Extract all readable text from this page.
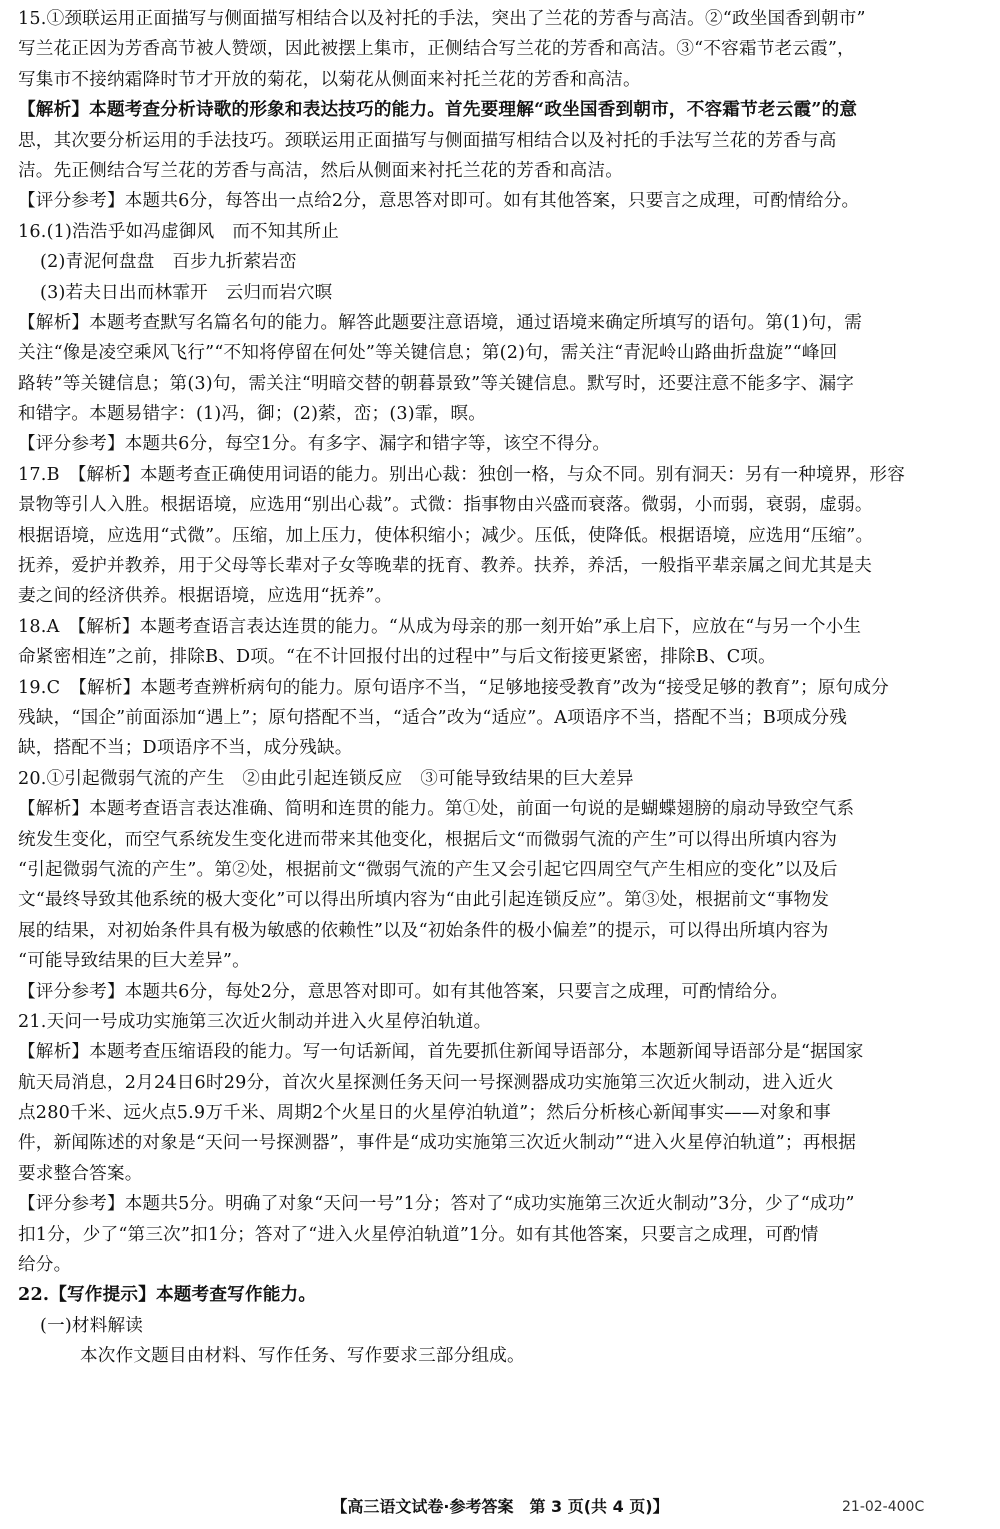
15.①颈联运用正面描写与侧面描写相结合以及衬托的手法，突出了兰花的芳香与高洁。②“政坐国香到朝市”
写兰花正因为芳香高节被人赞颂，因此被摆上集市，正侧结合写兰花的芳香和高洁。③“不容霜节老云霞”，
写集市不接纳霜降时节才开放的菊花，以菊花从侧面来衬托兰花的芳香和高洁。
【解析】本题考查分析诗歌的形象和表达技巧的能力。首先要理解“政坐国香到朝市，不容霜节老云霞”的意
思，其次要分析运用的手法技巧。颈联运用正面描写与侧面描写相结合以及衬托的手法写兰花的芳香与高
洁。先正侧结合写兰花的芳香与高洁，然后从侧面来衬托兰花的芳香和高洁。
【评分参考】本题共6分，每答出一点给2分，意思答对即可。如有其他答案，只要言之成理，可酌情给分。
16.(1)浩浩乎如冯虚御风　而不知其所止
(2)青泥何盘盘　百步九折萦岩峦
(3)若夫日出而林霏开　云归而岩穴暝
【解析】本题考查默写名篇名句的能力。解答此题要注意语境，通过语境来确定所填写的语句。第(1)句，需
关注“像是凌空乘风飞行”“不知将停留在何处”等关键信息；第(2)句，需关注“青泥岭山路曲折盘旋”“峰回
路转”等关键信息；第(3)句，需关注“明暗交替的朝暮景致”等关键信息。默写时，还要注意不能多字、漏字
和错字。本题易错字：(1)冯，御；(2)萦，峦；(3)霏，暝。
【评分参考】本题共6分，每空1分。有多字、漏字和错字等，该空不得分。
17.B　【解析】本题考查正确使用词语的能力。别出心裁：独创一格，与众不同。别有洞天：另有一种境界，形容
景物等引人入胜。根据语境，应选用“别出心裁”。式微：指事物由兴盛而衰落。微弱，小而弱，衰弱，虚弱。
根据语境，应选用“式微”。压缩，加上压力，使体积缩小；减少。压低，使降低。根据语境，应选用“压缩”。
抚养，爱护并教养，用于父母等长辈对子女等晚辈的抚育、教养。扶养，养活，一般指平辈亲属之间尤其是夫
妻之间的经济供养。根据语境，应选用“抚养”。
18.A　【解析】本题考查语言表达连贯的能力。“从成为母亲的那一刻开始”承上启下，应放在“与另一个小生
命紧密相连”之前，排除B、D项。“在不计回报付出的过程中”与后文衔接更紧密，排除B、C项。
19.C　【解析】本题考查辨析病句的能力。原句语序不当，“足够地接受教育”改为“接受足够的教育”；原句成分
残缺，“国企”前面添加“遇上”；原句搭配不当，“适合”改为“适应”。A项语序不当，搭配不当；B项成分残
缺，搭配不当；D项语序不当，成分残缺。
20.①引起微弱气流的产生　②由此引起连锁反应　③可能导致结果的巨大差异
【解析】本题考查语言表达准确、简明和连贯的能力。第①处，前面一句说的是蝴蝶翅膀的扇动导致空气系
统发生变化，而空气系统发生变化进而带来其他变化，根据后文“而微弱气流的产生”可以得出所填内容为
“引起微弱气流的产生”。第②处，根据前文“微弱气流的产生又会引起它四周空气产生相应的变化”以及后
文“最终导致其他系统的极大变化”可以得出所填内容为“由此引起连锁反应”。第③处，根据前文“事物发
展的结果，对初始条件具有极为敏感的依赖性”以及“初始条件的极小偏差”的提示，可以得出所填内容为
“可能导致结果的巨大差异”。
【评分参考】本题共6分，每处2分，意思答对即可。如有其他答案，只要言之成理，可酌情给分。
21.天问一号成功实施第三次近火制动并进入火星停泊轨道。
【解析】本题考查压缩语段的能力。写一句话新闻，首先要抓住新闻导语部分，本题新闻导语部分是“据国家
航天局消息，2月24日6时29分，首次火星探测任务天问一号探测器成功实施第三次近火制动，进入近火
点280千米、远火点5.9万千米、周期2个火星日的火星停泊轨道”；然后分析核心新闻事实——对象和事
件，新闻陈述的对象是“天问一号探测器”，事件是“成功实施第三次近火制动”“进入火星停泊轨道”；再根据
要求整合答案。
【评分参考】本题共5分。明确了对象“天问一号”1分；答对了“成功实施第三次近火制动”3分，少了“成功”
扣1分，少了“第三次”扣1分；答对了“进入火星停泊轨道”1分。如有其他答案，只要言之成理，可酌情
给分。
22.【写作提示】本题考查写作能力。
(一)材料解读
本次作文题目由材料、写作任务、写作要求三部分组成。
【高三语文试卷·参考答案　第 3 页(共 4 页)】	21-02-400C
